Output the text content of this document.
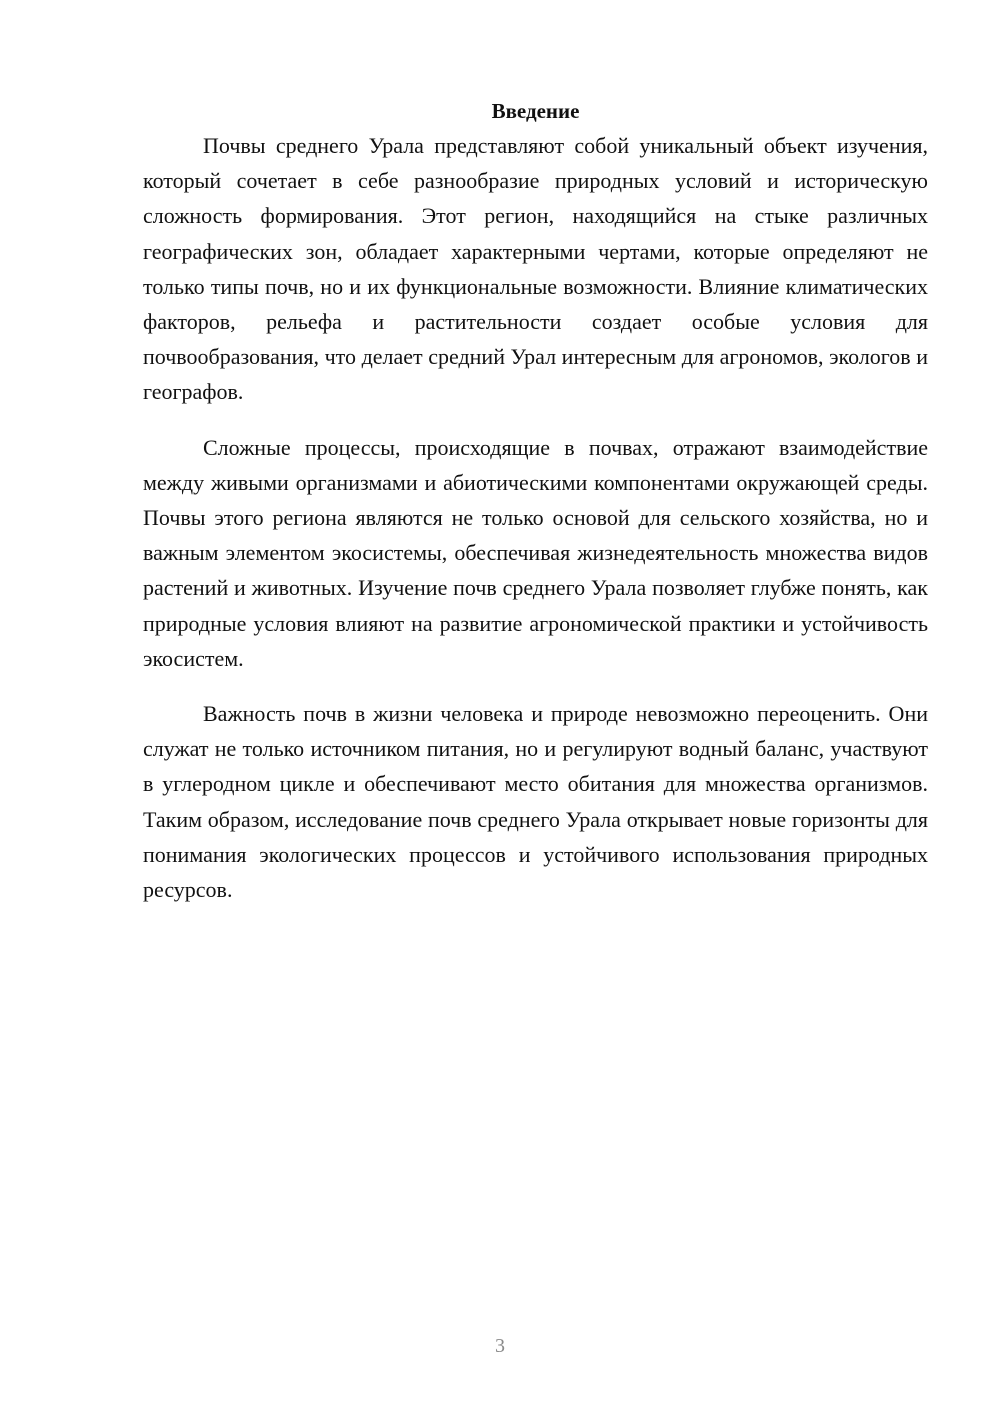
Введение

Почвы среднего Урала представляют собой уникальный объект изучения, который сочетает в себе разнообразие природных условий и историческую сложность формирования. Этот регион, находящийся на стыке различных географических зон, обладает характерными чертами, которые определяют не только типы почв, но и их функциональные возможности. Влияние климатических факторов, рельефа и растительности создает особые условия для почвообразования, что делает средний Урал интересным для агрономов, экологов и географов.

Сложные процессы, происходящие в почвах, отражают взаимодействие между живыми организмами и абиотическими компонентами окружающей среды. Почвы этого региона являются не только основой для сельского хозяйства, но и важным элементом экосистемы, обеспечивая жизнедеятельность множества видов растений и животных. Изучение почв среднего Урала позволяет глубже понять, как природные условия влияют на развитие агрономической практики и устойчивость экосистем.

Важность почв в жизни человека и природе невозможно переоценить. Они служат не только источником питания, но и регулируют водный баланс, участвуют в углеродном цикле и обеспечивают место обитания для множества организмов. Таким образом, исследование почв среднего Урала открывает новые горизонты для понимания экологических процессов и устойчивого использования природных ресурсов.

3
